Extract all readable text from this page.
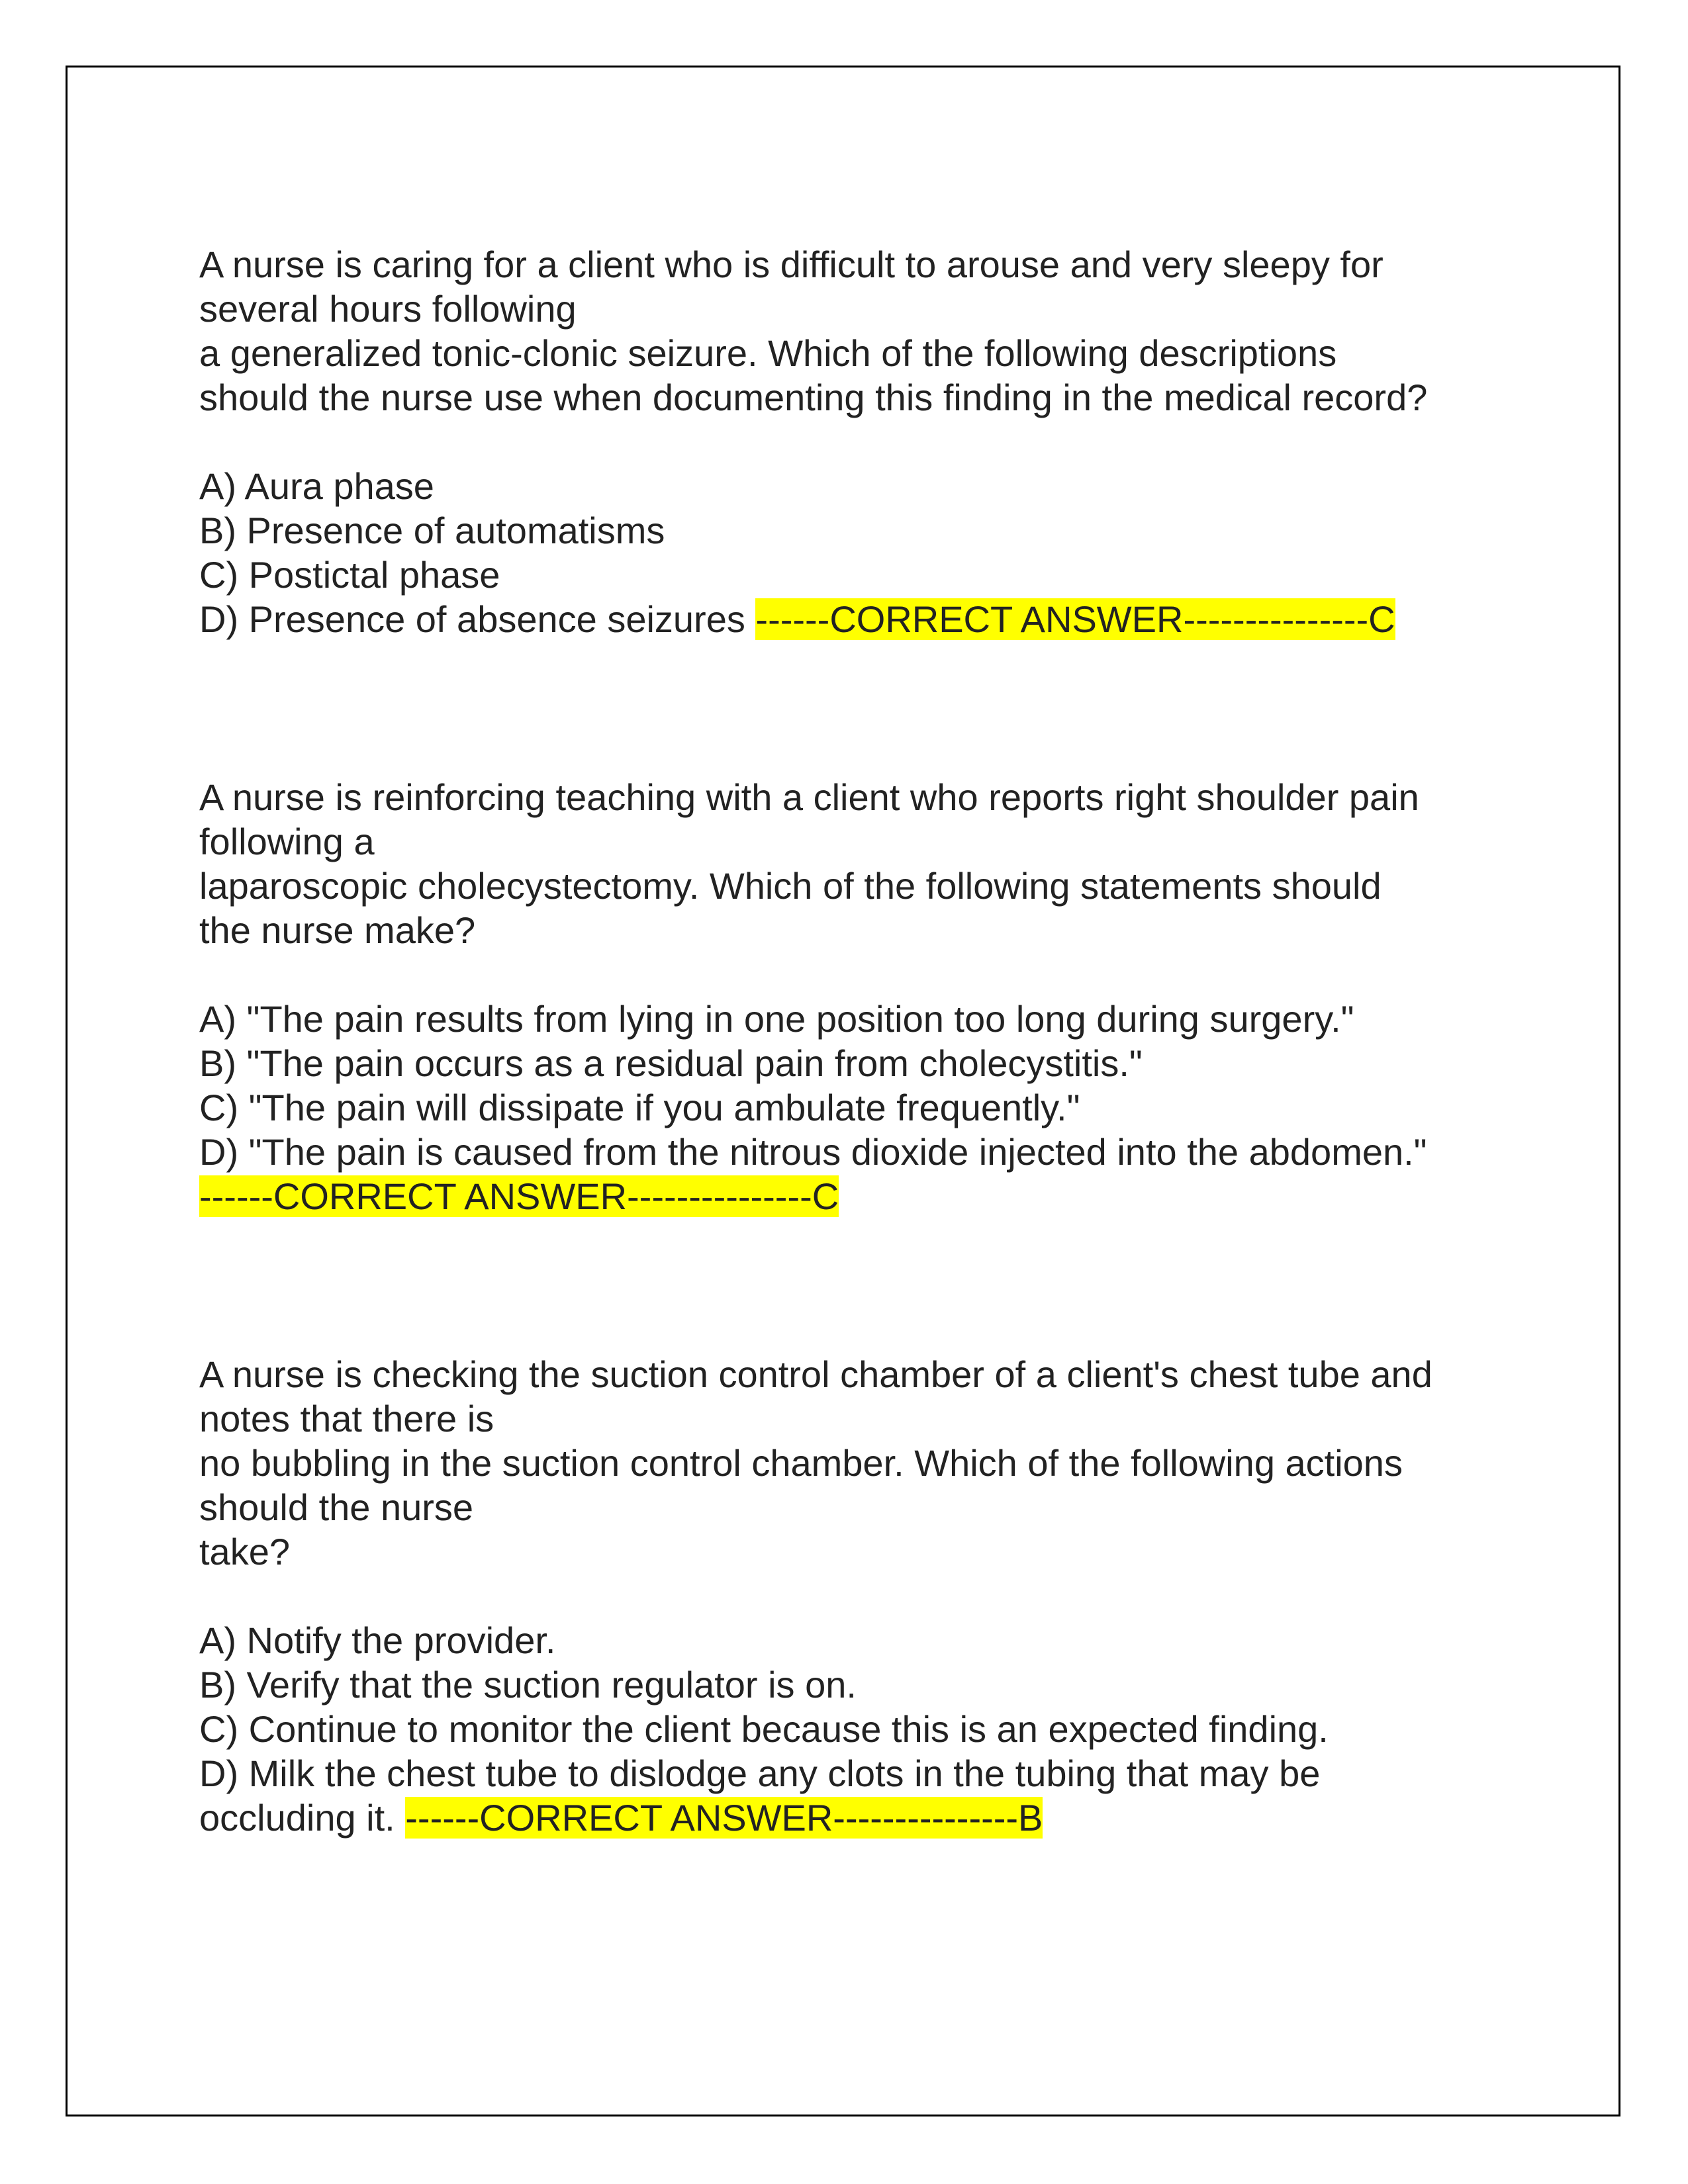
A nurse is caring for a client who is difficult to arouse and very sleepy for
several hours following
a generalized tonic-clonic seizure. Which of the following descriptions
should the nurse use when documenting this finding in the medical record?
A) Aura phase
B) Presence of automatisms
C) Postictal phase
D) Presence of absence seizures ------CORRECT ANSWER---------------C
A nurse is reinforcing teaching with a client who reports right shoulder pain
following a
laparoscopic cholecystectomy. Which of the following statements should
the nurse make?
A) "The pain results from lying in one position too long during surgery."
B) "The pain occurs as a residual pain from cholecystitis."
C) "The pain will dissipate if you ambulate frequently."
D) "The pain is caused from the nitrous dioxide injected into the abdomen."
------CORRECT ANSWER---------------C
A nurse is checking the suction control chamber of a client's chest tube and
notes that there is
no bubbling in the suction control chamber. Which of the following actions
should the nurse
take?
A) Notify the provider.
B) Verify that the suction regulator is on.
C) Continue to monitor the client because this is an expected finding.
D) Milk the chest tube to dislodge any clots in the tubing that may be
occluding it. ------CORRECT ANSWER---------------B
